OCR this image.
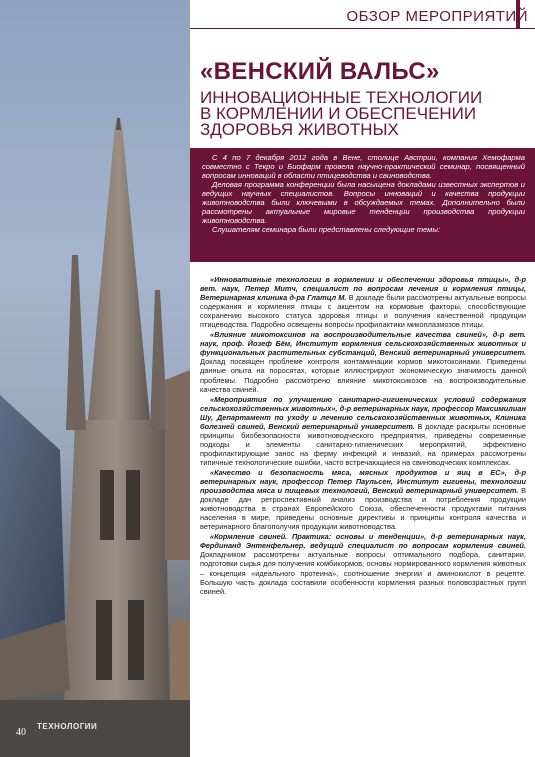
40
ТЕХНОЛОГИИ
ОБЗОР МЕРОПРИЯТИЙ
«ВЕНСКИЙ ВАЛЬС»
ИННОВАЦИОННЫЕ ТЕХНОЛОГИИ
В КОРМЛЕНИИ И ОБЕСПЕЧЕНИИ
ЗДОРОВЬЯ ЖИВОТНЫХ

С 4 по 7 декабря 2012 года в Вене, столице Австрии, компания Хемофарма совместно с Текро и Биофарм провела научно-практический семинар, посвященный вопросам инноваций в области птицеводства и свиноводства.

Деловая программа конференции была насыщена докладами известных экспертов и ведущих научных специалистов. Вопросы инноваций и качества продукции животноводства были ключевыми в обсуждаемых темах. Дополнительно были рассмотрены актуальные мировые тенденции производства продукции животноводства.

Слушателям семинара были представлены следующие темы:

«Инновативные технологии в кормлении и обеспечении здоровья птицы», д-р вет. наук, Петер Митч, специалист по вопросам лечения и кормления птицы, Ветеринарная клиника д-ра Глатцл М. В докладе были рассмотрены актуальные вопросы содержания и кормления птицы с акцентом на кормовые факторы, способствующие сохранению высокого статуса здоровья птицы и получения качественной продукции птицеводства. Подробно освещены вопросы профилактики микоплазмозов птицы.

«Влияние микотоксинов на воспроизводительные качества свиней», д-р вет. наук, проф. Йозеф Бём, Институт кормления сельскохозяйственных животных и функциональных растительных субстанций, Венский ветеринарный университет. Доклад посвящен проблеме контроля контаминации кормов микотоксинами. Приведены данные опыта на поросятах, которые иллюстрируют экономическую значимость данной проблемы. Подробно рассмотрено влияние микотоксикозов на воспроизводительные качества свиней.

«Мероприятия по улучшению санитарно-гигиенических условий содержания сельскохозяйственных животных», д-р ветеринарных наук, профессор Максимилиан Шу, Департамент по уходу и лечению сельскохозяйственных животных, Клиника болезней свиней, Венский ветеринарный университет. В докладе раскрыты основные принципы биобезопасности животноводческого предприятия, приведены современные подходы и элементы санитарно-гигиенических мероприятий, эффективно профилактирующие занос на ферму инфекций и инвазий, на примерах рассмотрены типичные технологические ошибки, часто встречающиеся на свиноводческих комплексах.

«Качество и безопасность мяса, мясных продуктов и яиц в ЕС», д-р ветеринарных наук, профессор Петер Паульсен, Институт гигиены, технологии производства мяса и пищевых технологий, Венский ветеринарный университет. В докладе дан ретроспективный анализ производства и потребления продукции животноводства в странах Европейского Союза, обеспеченности продуктами питания населения в мире, приведены основные директивы и принципы контроля качества и ветеринарного благополучия продукции животноводства.

«Кормление свиней. Практика: основы и тенденции», д-р ветеринарных наук, Фердинанд Энтенфельнер, ведущий специалист по вопросам кормления свиней. Докладчиком рассмотрены актуальные вопросы оптимального подбора, санитарии, подготовки сырья для получения комбикормов; основы нормированного кормления животных – концепция «идеального протеина», соотношение энергии и аминокислот в рецепте. Большую часть доклада составили особенности кормления разных половозрастных групп свиней.
